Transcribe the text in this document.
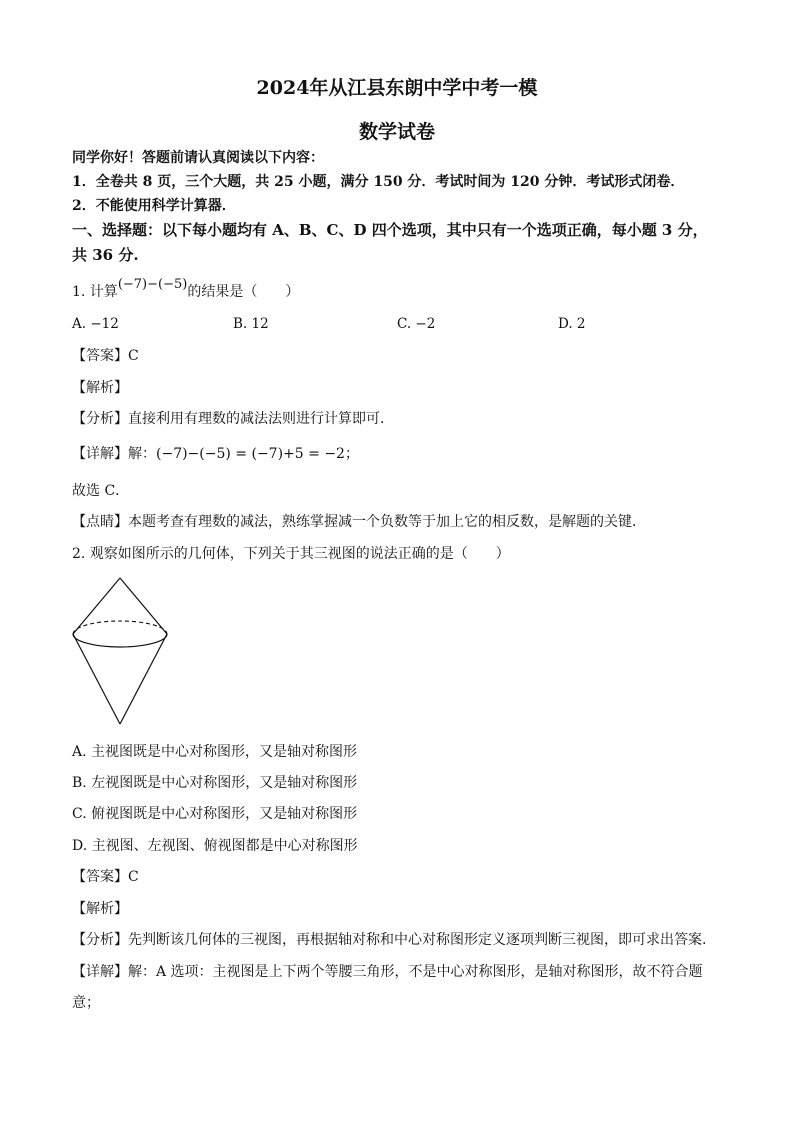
2024年从江县东朗中学中考一模
数学试卷
同学你好！答题前请认真阅读以下内容：
1．全卷共 8 页，三个大题，共 25 小题，满分 150 分．考试时间为 120 分钟．考试形式闭卷．
2．不能使用科学计算器．
一、选择题：以下每小题均有 A、B、C、D 四个选项，其中只有一个选项正确，每小题 3 分，
共 36 分.
1. 计算(−7)−(−5)的结果是（　　）
A. −12	B. 12	C. −2	D. 2
【答案】C
【解析】
【分析】直接利用有理数的减法法则进行计算即可．
【详解】解：(−7)−(−5) = (−7)+5 = −2；
故选 C．
【点睛】本题考查有理数的减法，熟练掌握减一个负数等于加上它的相反数，是解题的关键．
2. 观察如图所示的几何体，下列关于其三视图的说法正确的是（　　）
A. 主视图既是中心对称图形，又是轴对称图形
B. 左视图既是中心对称图形，又是轴对称图形
C. 俯视图既是中心对称图形，又是轴对称图形
D. 主视图、左视图、俯视图都是中心对称图形
【答案】C
【解析】
【分析】先判断该几何体的三视图，再根据轴对称和中心对称图形定义逐项判断三视图，即可求出答案.
【详解】解：A 选项：主视图是上下两个等腰三角形，不是中心对称图形，是轴对称图形，故不符合题
意；
